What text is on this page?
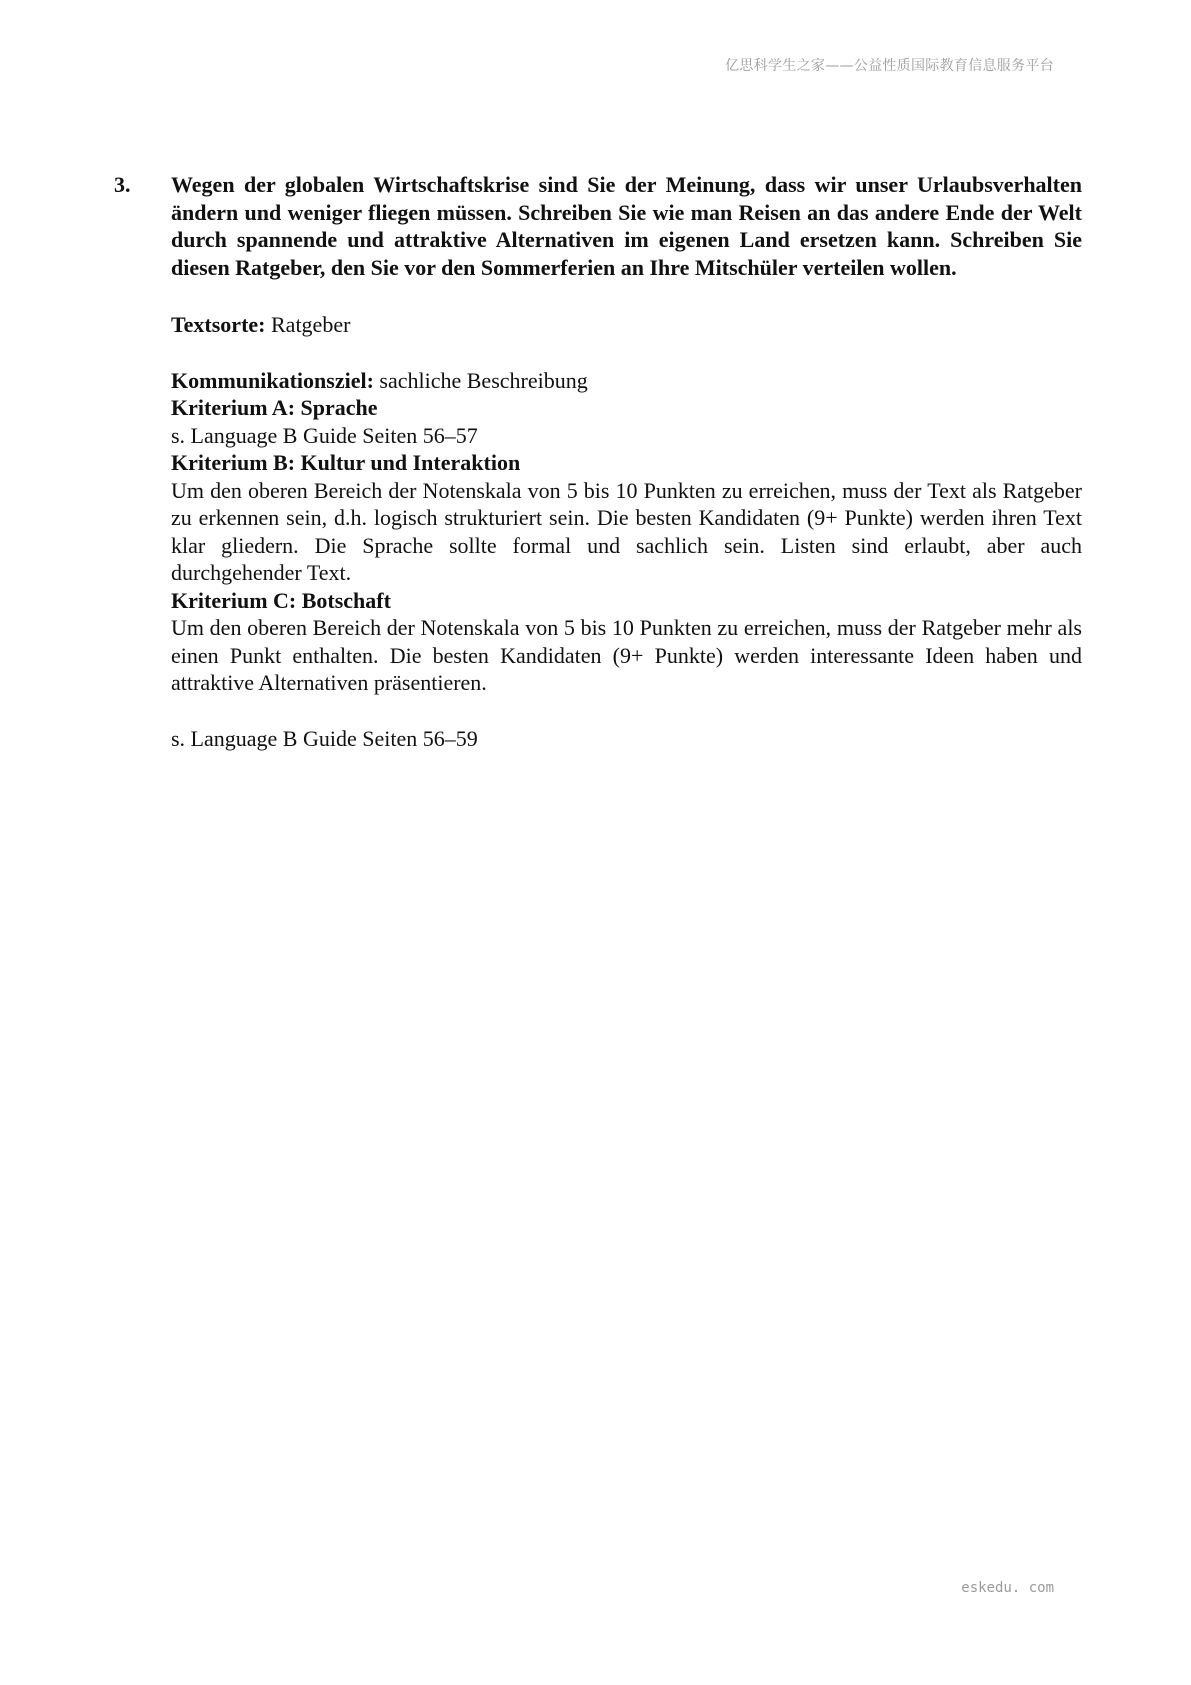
亿思科学生之家——公益性质国际教育信息服务平台
3. Wegen der globalen Wirtschaftskrise sind Sie der Meinung, dass wir unser Urlaubsverhalten ändern und weniger fliegen müssen. Schreiben Sie wie man Reisen an das andere Ende der Welt durch spannende und attraktive Alternativen im eigenen Land ersetzen kann. Schreiben Sie diesen Ratgeber, den Sie vor den Sommerferien an Ihre Mitschüler verteilen wollen.

Textsorte: Ratgeber

Kommunikationsziel: sachliche Beschreibung

Kriterium A: Sprache

s. Language B Guide Seiten 56–57

Kriterium B: Kultur und Interaktion

Um den oberen Bereich der Notenskala von 5 bis 10 Punkten zu erreichen, muss der Text als Ratgeber zu erkennen sein, d.h. logisch strukturiert sein. Die besten Kandidaten (9+ Punkte) werden ihren Text klar gliedern. Die Sprache sollte formal und sachlich sein. Listen sind erlaubt, aber auch durchgehender Text.

Kriterium C: Botschaft

Um den oberen Bereich der Notenskala von 5 bis 10 Punkten zu erreichen, muss der Ratgeber mehr als einen Punkt enthalten. Die besten Kandidaten (9+ Punkte) werden interessante Ideen haben und attraktive Alternativen präsentieren.

s. Language B Guide Seiten 56–59

eskedu. com
